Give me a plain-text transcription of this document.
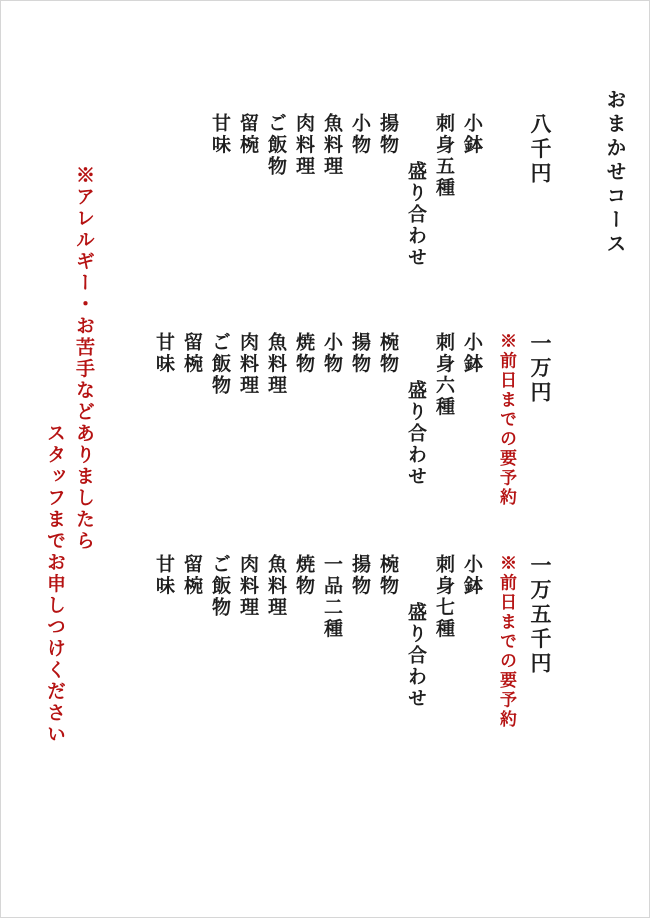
おまかせコース
八千円
小鉢
刺身五種
盛り合わせ
揚物
小物
魚料理
肉料理
ご飯物
留椀
甘味
一万円
※前日までの要予約
小鉢
刺身六種
盛り合わせ
椀物
揚物
小物
焼物
魚料理
肉料理
ご飯物
留椀
甘味
一万五千円
※前日までの要予約
小鉢
刺身七種
盛り合わせ
椀物
揚物
一品二種
焼物
魚料理
肉料理
ご飯物
留椀
甘味
※アレルギー・お苦手などありましたら
スタッフまでお申しつけください
